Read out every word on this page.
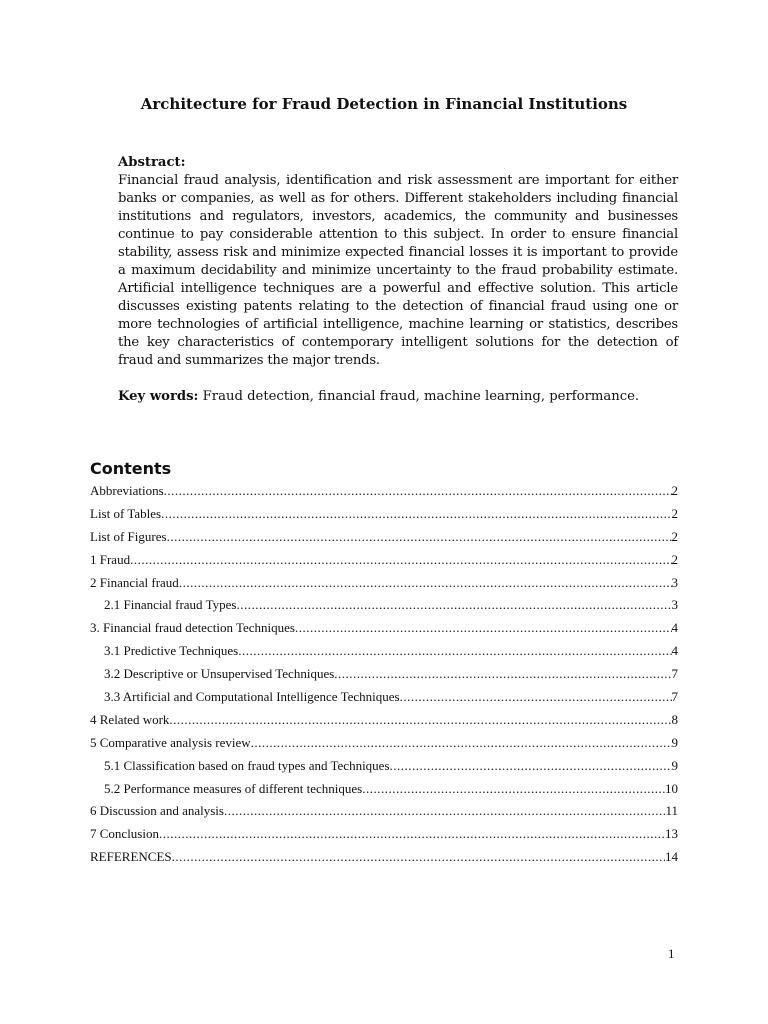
Architecture for Fraud Detection in Financial Institutions

Abstract:

Financial fraud analysis, identification and risk assessment are important for either banks or companies, as well as for others. Different stakeholders including financial institutions and regulators, investors, academics, the community and businesses continue to pay considerable attention to this subject. In order to ensure financial stability, assess risk and minimize expected financial losses it is important to provide a maximum decidability and minimize uncertainty to the fraud probability estimate. Artificial intelligence techniques are a powerful and effective solution. This article discusses existing patents relating to the detection of financial fraud using one or more technologies of artificial intelligence, machine learning or statistics, describes the key characteristics of contemporary intelligent solutions for the detection of fraud and summarizes the major trends.

Key words: Fraud detection, financial fraud, machine learning, performance.

Contents
Abbreviations .....	2
List of Tables .....	2
List of Figures .....	2
1 Fraud .....	2
2 Financial fraud .....	3
2.1 Financial fraud Types .....	3
3. Financial fraud detection Techniques .....	4
3.1 Predictive Techniques .....	4
3.2 Descriptive or Unsupervised Techniques .....	7
3.3 Artificial and Computational Intelligence Techniques .....	7
4 Related work .....	8
5 Comparative analysis review .....	9
5.1 Classification based on fraud types and Techniques .....	9
5.2 Performance measures of different techniques .....	10
6 Discussion and analysis .....	11
7 Conclusion .....	13
REFERENCES .....	14
1
